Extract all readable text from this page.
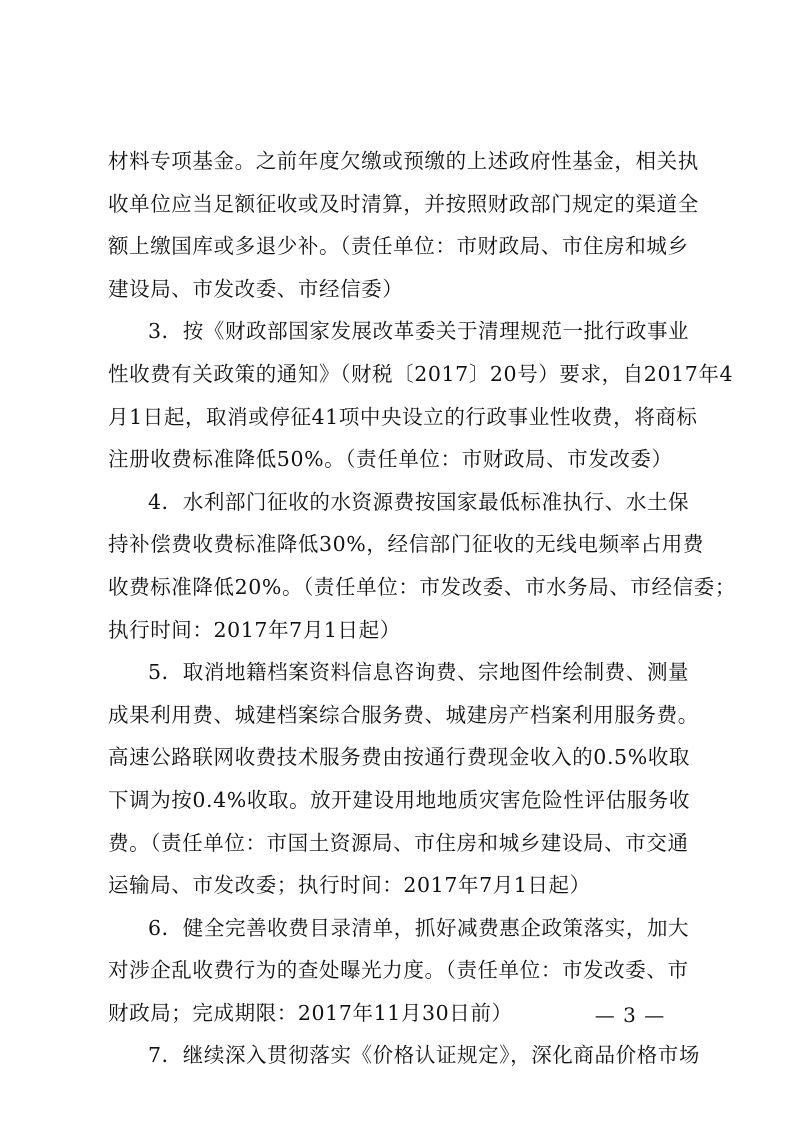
材料专项基金。之前年度欠缴或预缴的上述政府性基金，相关执
收单位应当足额征收或及时清算，并按照财政部门规定的渠道全
额上缴国库或多退少补。（责任单位：市财政局、市住房和城乡
建设局、市发改委、市经信委）
3．按《财政部国家发展改革委关于清理规范一批行政事业
性收费有关政策的通知》（财税〔2017〕20号）要求，自2017年4
月1日起，取消或停征41项中央设立的行政事业性收费，将商标
注册收费标准降低50%。（责任单位：市财政局、市发改委）
4．水利部门征收的水资源费按国家最低标准执行、水土保
持补偿费收费标准降低30%，经信部门征收的无线电频率占用费
收费标准降低20%。（责任单位：市发改委、市水务局、市经信委；
执行时间：2017年7月1日起）
5．取消地籍档案资料信息咨询费、宗地图件绘制费、测量
成果利用费、城建档案综合服务费、城建房产档案利用服务费。
高速公路联网收费技术服务费由按通行费现金收入的0.5%收取
下调为按0.4%收取。放开建设用地地质灾害危险性评估服务收
费。（责任单位：市国土资源局、市住房和城乡建设局、市交通
运输局、市发改委；执行时间：2017年7月1日起）
6．健全完善收费目录清单，抓好减费惠企政策落实，加大
对涉企乱收费行为的查处曝光力度。（责任单位：市发改委、市
财政局；完成期限：2017年11月30日前）
7．继续深入贯彻落实《价格认证规定》，深化商品价格市场
— 3 —
